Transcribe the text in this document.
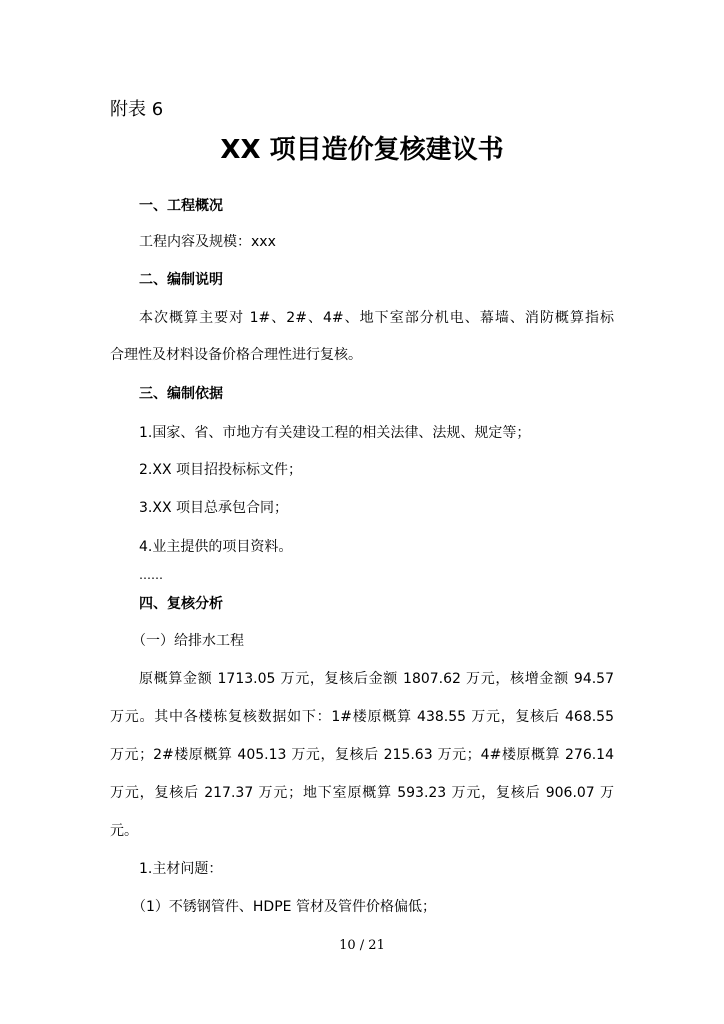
附表 6
XX 项目造价复核建议书
一、工程概况
工程内容及规模：xxx
二、编制说明
本次概算主要对 1#、2#、4#、地下室部分机电、幕墙、消防概算指标
合理性及材料设备价格合理性进行复核。
三、编制依据
1.国家、省、市地方有关建设工程的相关法律、法规、规定等；
2.XX 项目招投标标文件；
3.XX 项目总承包合同；
4.业主提供的项目资料。
……
四、复核分析
（一）给排水工程
原概算金额 1713.05 万元，复核后金额 1807.62 万元，核增金额 94.57
万元。其中各楼栋复核数据如下：1#楼原概算 438.55 万元，复核后 468.55
万元；2#楼原概算 405.13 万元，复核后 215.63 万元；4#楼原概算 276.14
万元，复核后 217.37 万元；地下室原概算 593.23 万元，复核后 906.07 万
元。
1.主材问题：
（1）不锈钢管件、HDPE 管材及管件价格偏低；
10 / 21
